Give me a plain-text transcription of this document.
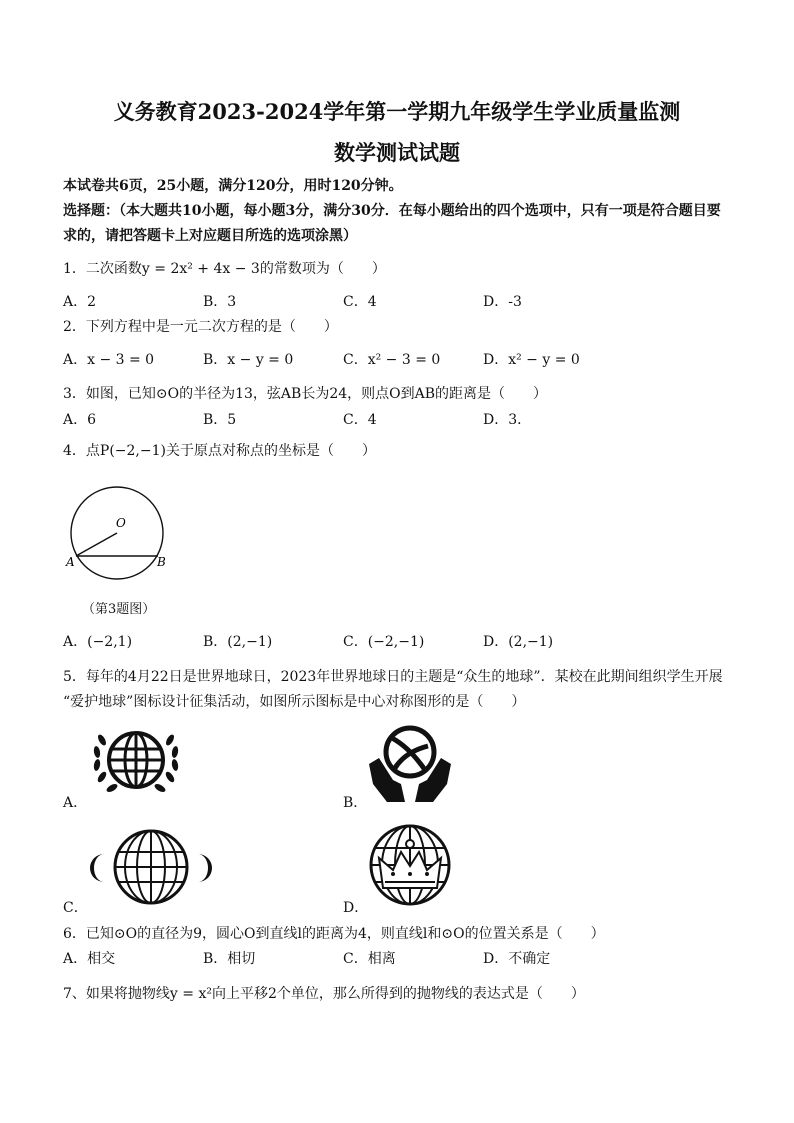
义务教育2023-2024学年第一学期九年级学生学业质量监测
数学测试试题
本试卷共6页，25小题，满分120分，用时120分钟。
选择题：（本大题共10小题，每小题3分，满分30分．在每小题给出的四个选项中，只有一项是符合题目要求的，请把答题卡上对应题目所选的选项涂黑）
1．二次函数y = 2x² + 4x − 3的常数项为（　　）
A．2	B．3	C．4	D．-3
2．下列方程中是一元二次方程的是（　　）
A．x − 3 = 0	B．x − y = 0	C．x² − 3 = 0	D．x² − y = 0
3．如图，已知⊙O的半径为13，弦AB长为24，则点O到AB的距离是（　　）
A．6	B．5	C．4	D．3．
4．点P(−2,−1)关于原点对称点的坐标是（　　）
O
A	B
（第3题图）
A．(−2,1)	B．(2,−1)	C．(−2,−1)	D．(2,−1)
5．每年的4月22日是世界地球日，2023年世界地球日的主题是“众生的地球”．某校在此期间组织学生开展
“爱护地球”图标设计征集活动，如图所示图标是中心对称图形的是（　　）
A．	B．
C．	D．
6．已知⊙O的直径为9，圆心O到直线l的距离为4，则直线l和⊙O的位置关系是（　　）
A．相交	B．相切	C．相离	D．不确定
7、如果将抛物线y = x²向上平移2个单位，那么所得到的抛物线的表达式是（　　）
